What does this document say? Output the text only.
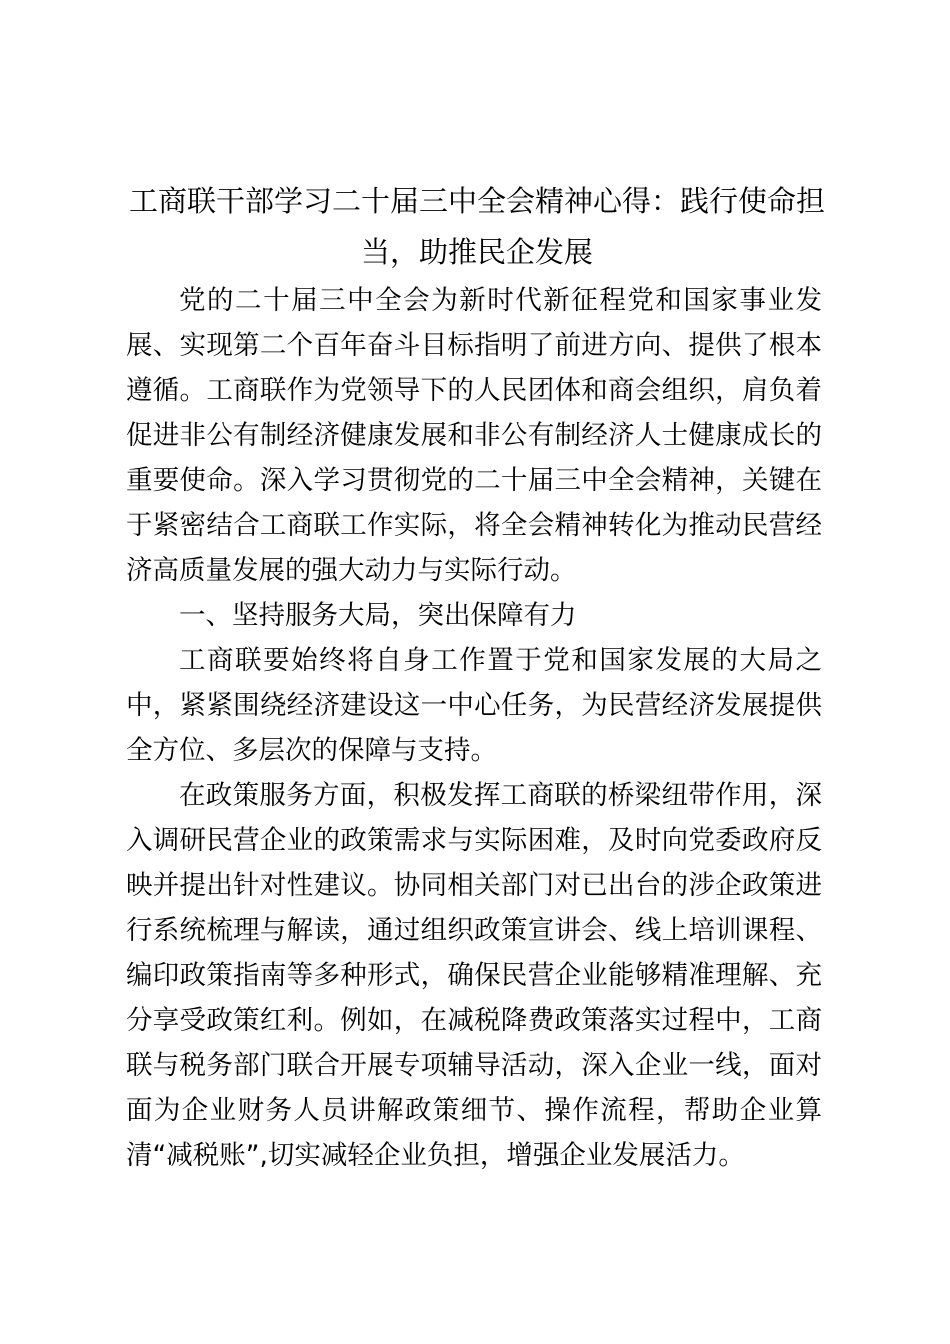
工商联干部学习二十届三中全会精神心得：践行使命担当，助推民企发展

党的二十届三中全会为新时代新征程党和国家事业发展、实现第二个百年奋斗目标指明了前进方向、提供了根本遵循。工商联作为党领导下的人民团体和商会组织，肩负着促进非公有制经济健康发展和非公有制经济人士健康成长的重要使命。深入学习贯彻党的二十届三中全会精神，关键在于紧密结合工商联工作实际，将全会精神转化为推动民营经济高质量发展的强大动力与实际行动。

一、坚持服务大局，突出保障有力

工商联要始终将自身工作置于党和国家发展的大局之中，紧紧围绕经济建设这一中心任务，为民营经济发展提供全方位、多层次的保障与支持。

在政策服务方面，积极发挥工商联的桥梁纽带作用，深入调研民营企业的政策需求与实际困难，及时向党委政府反映并提出针对性建议。协同相关部门对已出台的涉企政策进行系统梳理与解读，通过组织政策宣讲会、线上培训课程、编印政策指南等多种形式，确保民营企业能够精准理解、充分享受政策红利。例如，在减税降费政策落实过程中，工商联与税务部门联合开展专项辅导活动，深入企业一线，面对面为企业财务人员讲解政策细节、操作流程，帮助企业算清“减税账”,切实减轻企业负担，增强企业发展活力。
